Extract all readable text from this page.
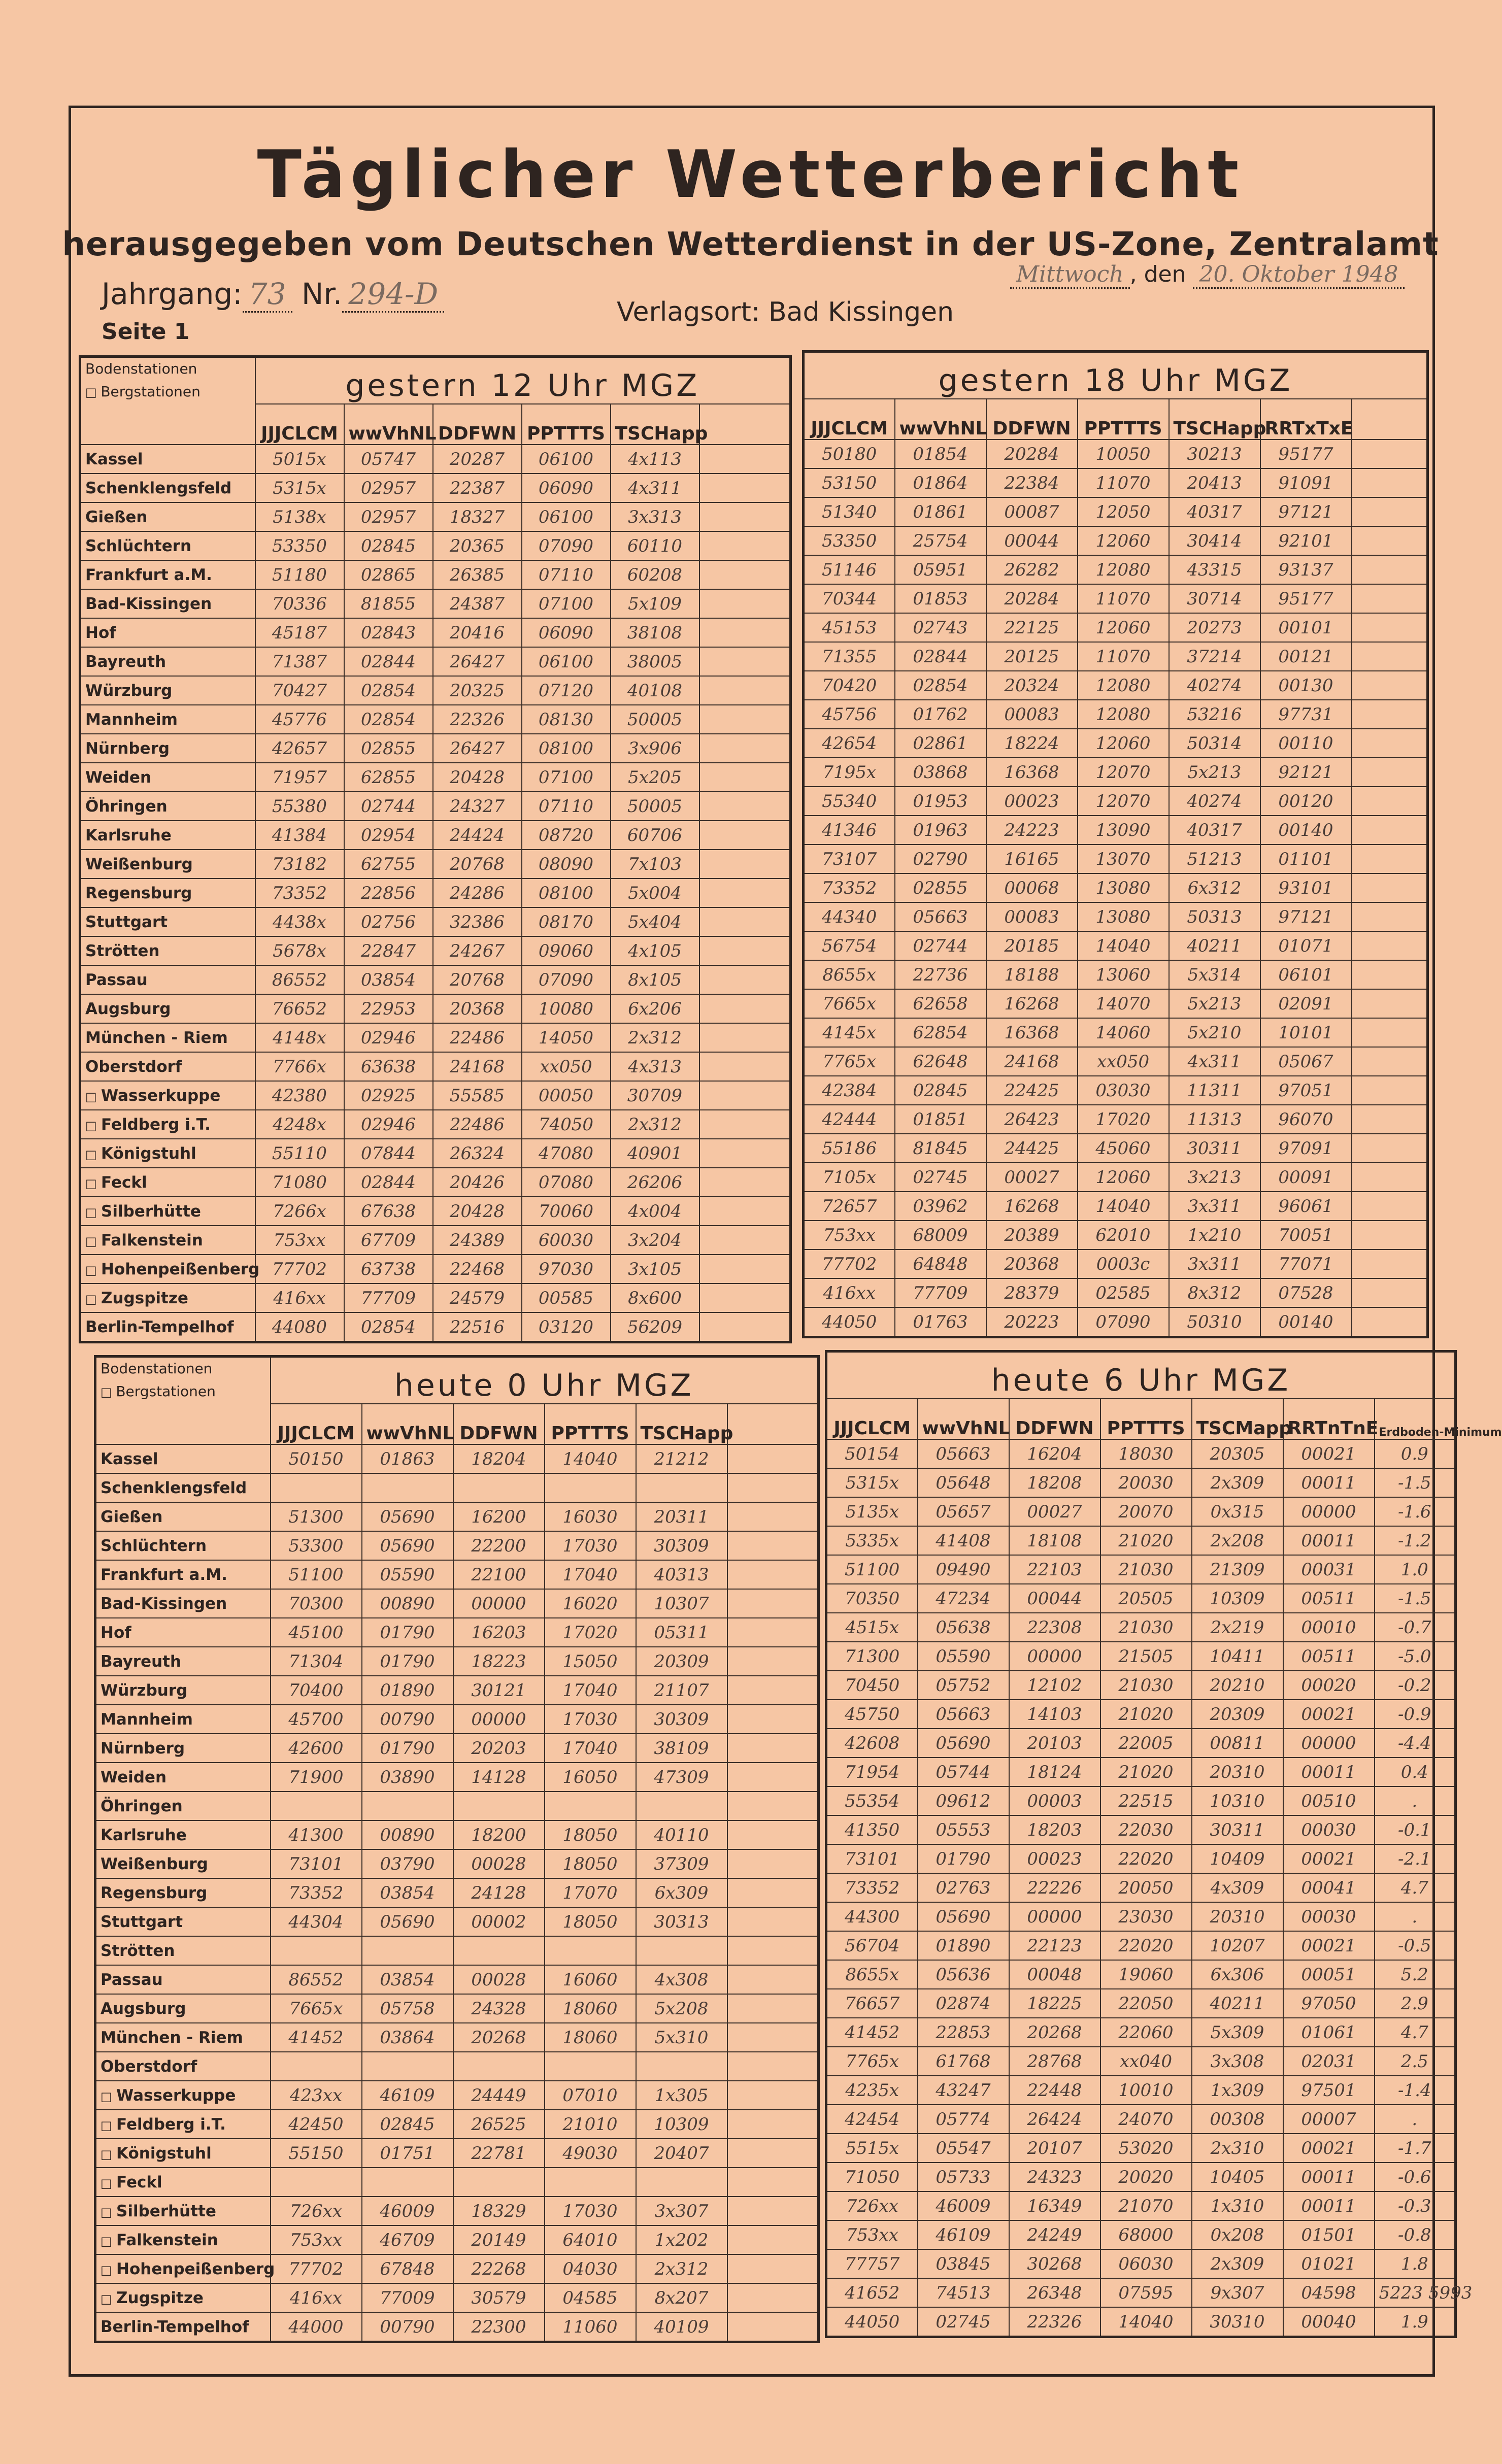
Täglicher Wetterbericht
herausgegeben vom Deutschen Wetterdienst in der US-Zone, Zentralamt
Jahrgang: 73 Nr. 294-D
Seite 1
Verlagsort: Bad Kissingen
Mittwoch , den 20. Oktober 1948
Bodenstationen
□ Bergstationen	gestern 12 Uhr MGZ					
	JJJCLCM	wwVhNL	DDFWN	PPTTTS	TSCHapp	
Kassel	5015x	05747	20287	06100	4x113	
Schenklengsfeld	5315x	02957	22387	06090	4x311	
Gießen	5138x	02957	18327	06100	3x313	
Schlüchtern	53350	02845	20365	07090	60110	
Frankfurt a.M.	51180	02865	26385	07110	60208	
Bad-Kissingen	70336	81855	24387	07100	5x109	
Hof	45187	02843	20416	06090	38108	
Bayreuth	71387	02844	26427	06100	38005	
Würzburg	70427	02854	20325	07120	40108	
Mannheim	45776	02854	22326	08130	50005	
Nürnberg	42657	02855	26427	08100	3x906	
Weiden	71957	62855	20428	07100	5x205	
Öhringen	55380	02744	24327	07110	50005	
Karlsruhe	41384	02954	24424	08720	60706	
Weißenburg	73182	62755	20768	08090	7x103	
Regensburg	73352	22856	24286	08100	5x004	
Stuttgart	4438x	02756	32386	08170	5x404	
Strötten	5678x	22847	24267	09060	4x105	
Passau	86552	03854	20768	07090	8x105	
Augsburg	76652	22953	20368	10080	6x206	
München - Riem	4148x	02946	22486	14050	2x312	
Oberstdorf	7766x	63638	24168	xx050	4x313	
□ Wasserkuppe	42380	02925	55585	00050	30709	
□ Feldberg i.T.	4248x	02946	22486	74050	2x312	
□ Königstuhl	55110	07844	26324	47080	40901	
□ Feckl	71080	02844	20426	07080	26206	
□ Silberhütte	7266x	67638	20428	70060	4x004	
□ Falkenstein	753xx	67709	24389	60030	3x204	
□ Hohenpeißenberg	77702	63738	22468	97030	3x105	
□ Zugspitze	416xx	77709	24579	00585	8x600	
Berlin-Tempelhof	44080	02854	22516	03120	56209	
gestern 18 Uhr MGZ						
JJJCLCM	wwVhNL	DDFWN	PPTTTS	TSCHapp	RRTxTxE	
50180	01854	20284	10050	30213	95177	
53150	01864	22384	11070	20413	91091	
51340	01861	00087	12050	40317	97121	
53350	25754	00044	12060	30414	92101	
51146	05951	26282	12080	43315	93137	
70344	01853	20284	11070	30714	95177	
45153	02743	22125	12060	20273	00101	
71355	02844	20125	11070	37214	00121	
70420	02854	20324	12080	40274	00130	
45756	01762	00083	12080	53216	97731	
42654	02861	18224	12060	50314	00110	
7195x	03868	16368	12070	5x213	92121	
55340	01953	00023	12070	40274	00120	
41346	01963	24223	13090	40317	00140	
73107	02790	16165	13070	51213	01101	
73352	02855	00068	13080	6x312	93101	
44340	05663	00083	13080	50313	97121	
56754	02744	20185	14040	40211	01071	
8655x	22736	18188	13060	5x314	06101	
7665x	62658	16268	14070	5x213	02091	
4145x	62854	16368	14060	5x210	10101	
7765x	62648	24168	xx050	4x311	05067	
42384	02845	22425	03030	11311	97051	
42444	01851	26423	17020	11313	96070	
55186	81845	24425	45060	30311	97091	
7105x	02745	00027	12060	3x213	00091	
72657	03962	16268	14040	3x311	96061	
753xx	68009	20389	62010	1x210	70051	
77702	64848	20368	0003c	3x311	77071	
416xx	77709	28379	02585	8x312	07528	
44050	01763	20223	07090	50310	00140	
Bodenstationen
□ Bergstationen	heute 0 Uhr MGZ					
	JJJCLCM	wwVhNL	DDFWN	PPTTTS	TSCHapp	
Kassel	50150	01863	18204	14040	21212	
Schenklengsfeld						
Gießen	51300	05690	16200	16030	20311	
Schlüchtern	53300	05690	22200	17030	30309	
Frankfurt a.M.	51100	05590	22100	17040	40313	
Bad-Kissingen	70300	00890	00000	16020	10307	
Hof	45100	01790	16203	17020	05311	
Bayreuth	71304	01790	18223	15050	20309	
Würzburg	70400	01890	30121	17040	21107	
Mannheim	45700	00790	00000	17030	30309	
Nürnberg	42600	01790	20203	17040	38109	
Weiden	71900	03890	14128	16050	47309	
Öhringen						
Karlsruhe	41300	00890	18200	18050	40110	
Weißenburg	73101	03790	00028	18050	37309	
Regensburg	73352	03854	24128	17070	6x309	
Stuttgart	44304	05690	00002	18050	30313	
Strötten						
Passau	86552	03854	00028	16060	4x308	
Augsburg	7665x	05758	24328	18060	5x208	
München - Riem	41452	03864	20268	18060	5x310	
Oberstdorf						
□ Wasserkuppe	423xx	46109	24449	07010	1x305	
□ Feldberg i.T.	42450	02845	26525	21010	10309	
□ Königstuhl	55150	01751	22781	49030	20407	
□ Feckl						
□ Silberhütte	726xx	46009	18329	17030	3x307	
□ Falkenstein	753xx	46709	20149	64010	1x202	
□ Hohenpeißenberg	77702	67848	22268	04030	2x312	
□ Zugspitze	416xx	77009	30579	04585	8x207	
Berlin-Tempelhof	44000	00790	22300	11060	40109	
heute 6 Uhr MGZ						
JJJCLCM	wwVhNL	DDFWN	PPTTTS	TSCMapp	RRTnTnE	Erdboden-Minimum
50154	05663	16204	18030	20305	00021	0.9
5315x	05648	18208	20030	2x309	00011	-1.5
5135x	05657	00027	20070	0x315	00000	-1.6
5335x	41408	18108	21020	2x208	00011	-1.2
51100	09490	22103	21030	21309	00031	1.0
70350	47234	00044	20505	10309	00511	-1.5
4515x	05638	22308	21030	2x219	00010	-0.7
71300	05590	00000	21505	10411	00511	-5.0
70450	05752	12102	21030	20210	00020	-0.2
45750	05663	14103	21020	20309	00021	-0.9
42608	05690	20103	22005	00811	00000	-4.4
71954	05744	18124	21020	20310	00011	0.4
55354	09612	00003	22515	10310	00510	.
41350	05553	18203	22030	30311	00030	-0.1
73101	01790	00023	22020	10409	00021	-2.1
73352	02763	22226	20050	4x309	00041	4.7
44300	05690	00000	23030	20310	00030	.
56704	01890	22123	22020	10207	00021	-0.5
8655x	05636	00048	19060	6x306	00051	5.2
76657	02874	18225	22050	40211	97050	2.9
41452	22853	20268	22060	5x309	01061	4.7
7765x	61768	28768	xx040	3x308	02031	2.5
4235x	43247	22448	10010	1x309	97501	-1.4
42454	05774	26424	24070	00308	00007	.
5515x	05547	20107	53020	2x310	00021	-1.7
71050	05733	24323	20020	10405	00011	-0.6
726xx	46009	16349	21070	1x310	00011	-0.3
753xx	46109	24249	68000	0x208	01501	-0.8
77757	03845	30268	06030	2x309	01021	1.8
41652	74513	26348	07595	9x307	04598	5223 5993
44050	02745	22326	14040	30310	00040	1.9
